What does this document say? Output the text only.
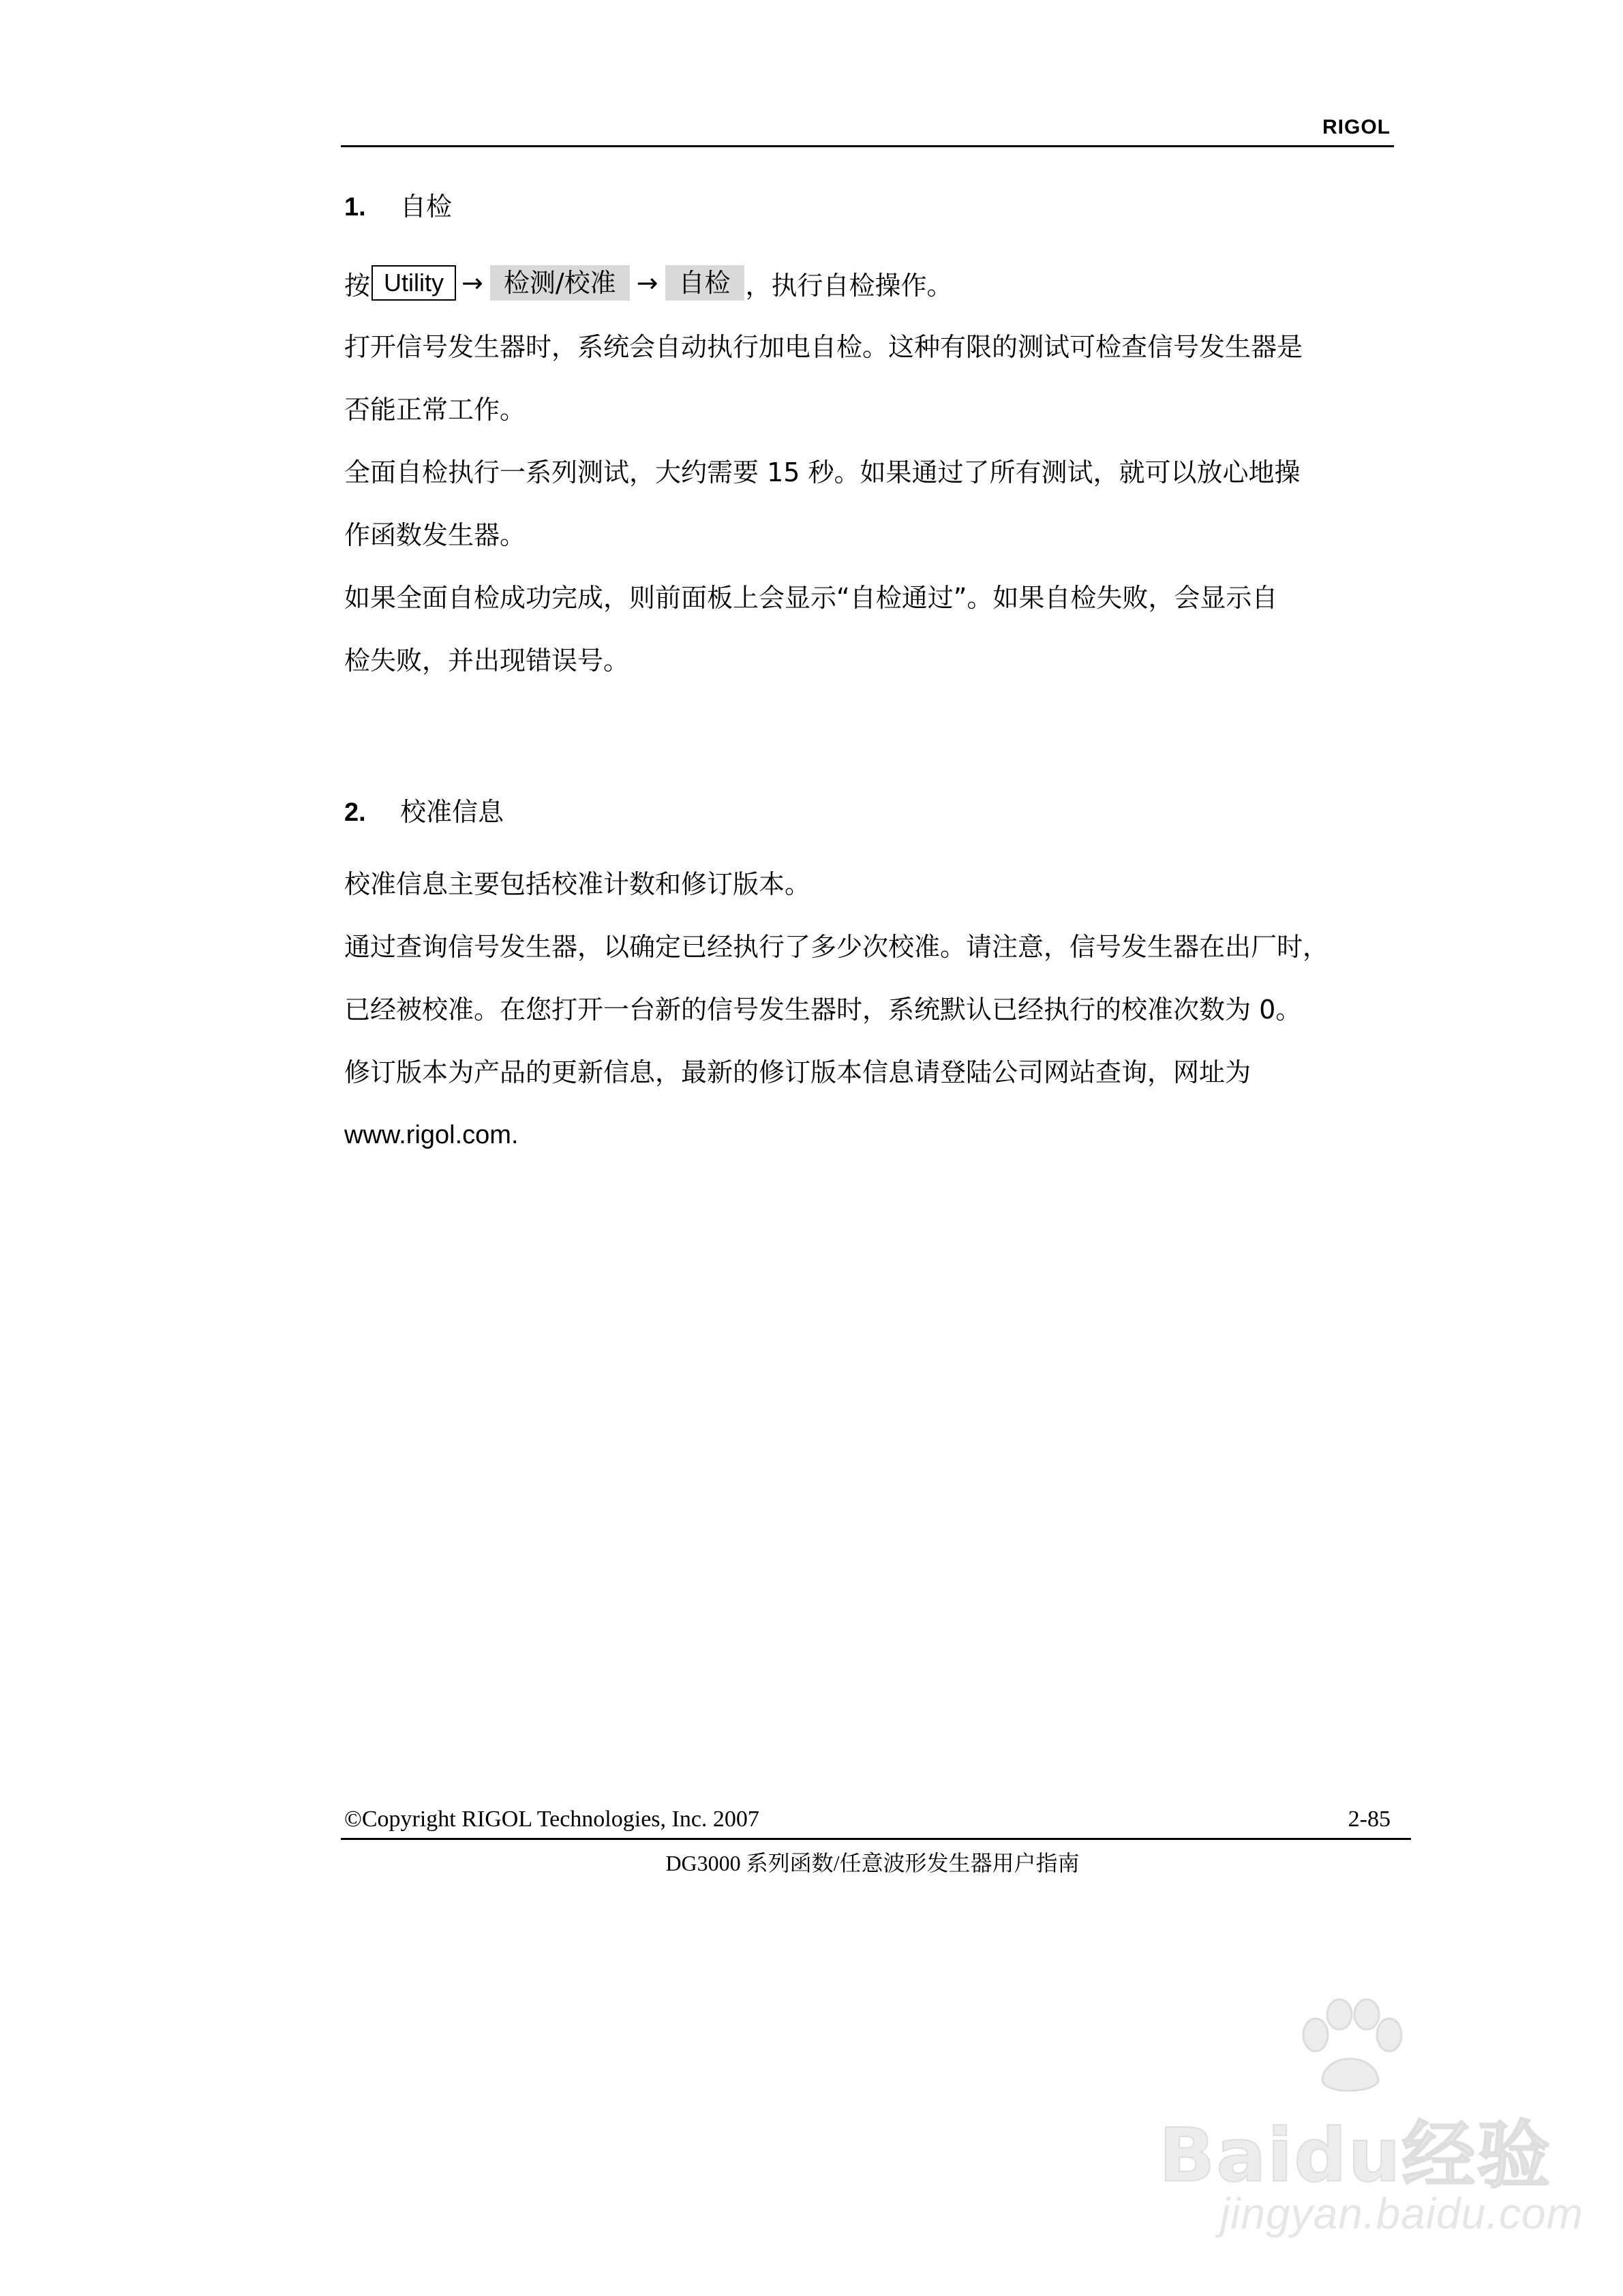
RIGOL
1. 自检
按 Utility → 检测/校准 → 自检 ，执行自检操作。
打开信号发生器时，系统会自动执行加电自检。这种有限的测试可检查信号发生器是
否能正常工作。
全面自检执行一系列测试，大约需要 15 秒。如果通过了所有测试，就可以放心地操
作函数发生器。
如果全面自检成功完成，则前面板上会显示“自检通过”。如果自检失败，会显示自
检失败，并出现错误号。
2. 校准信息
校准信息主要包括校准计数和修订版本。
通过查询信号发生器，以确定已经执行了多少次校准。请注意，信号发生器在出厂时，
已经被校准。在您打开一台新的信号发生器时，系统默认已经执行的校准次数为 0。
修订版本为产品的更新信息，最新的修订版本信息请登陆公司网站查询，网址为
www.rigol.com.
©Copyright RIGOL Technologies, Inc. 2007	2-85
DG3000 系列函数/任意波形发生器用户指南
Baidu经验
jingyan.baidu.com
